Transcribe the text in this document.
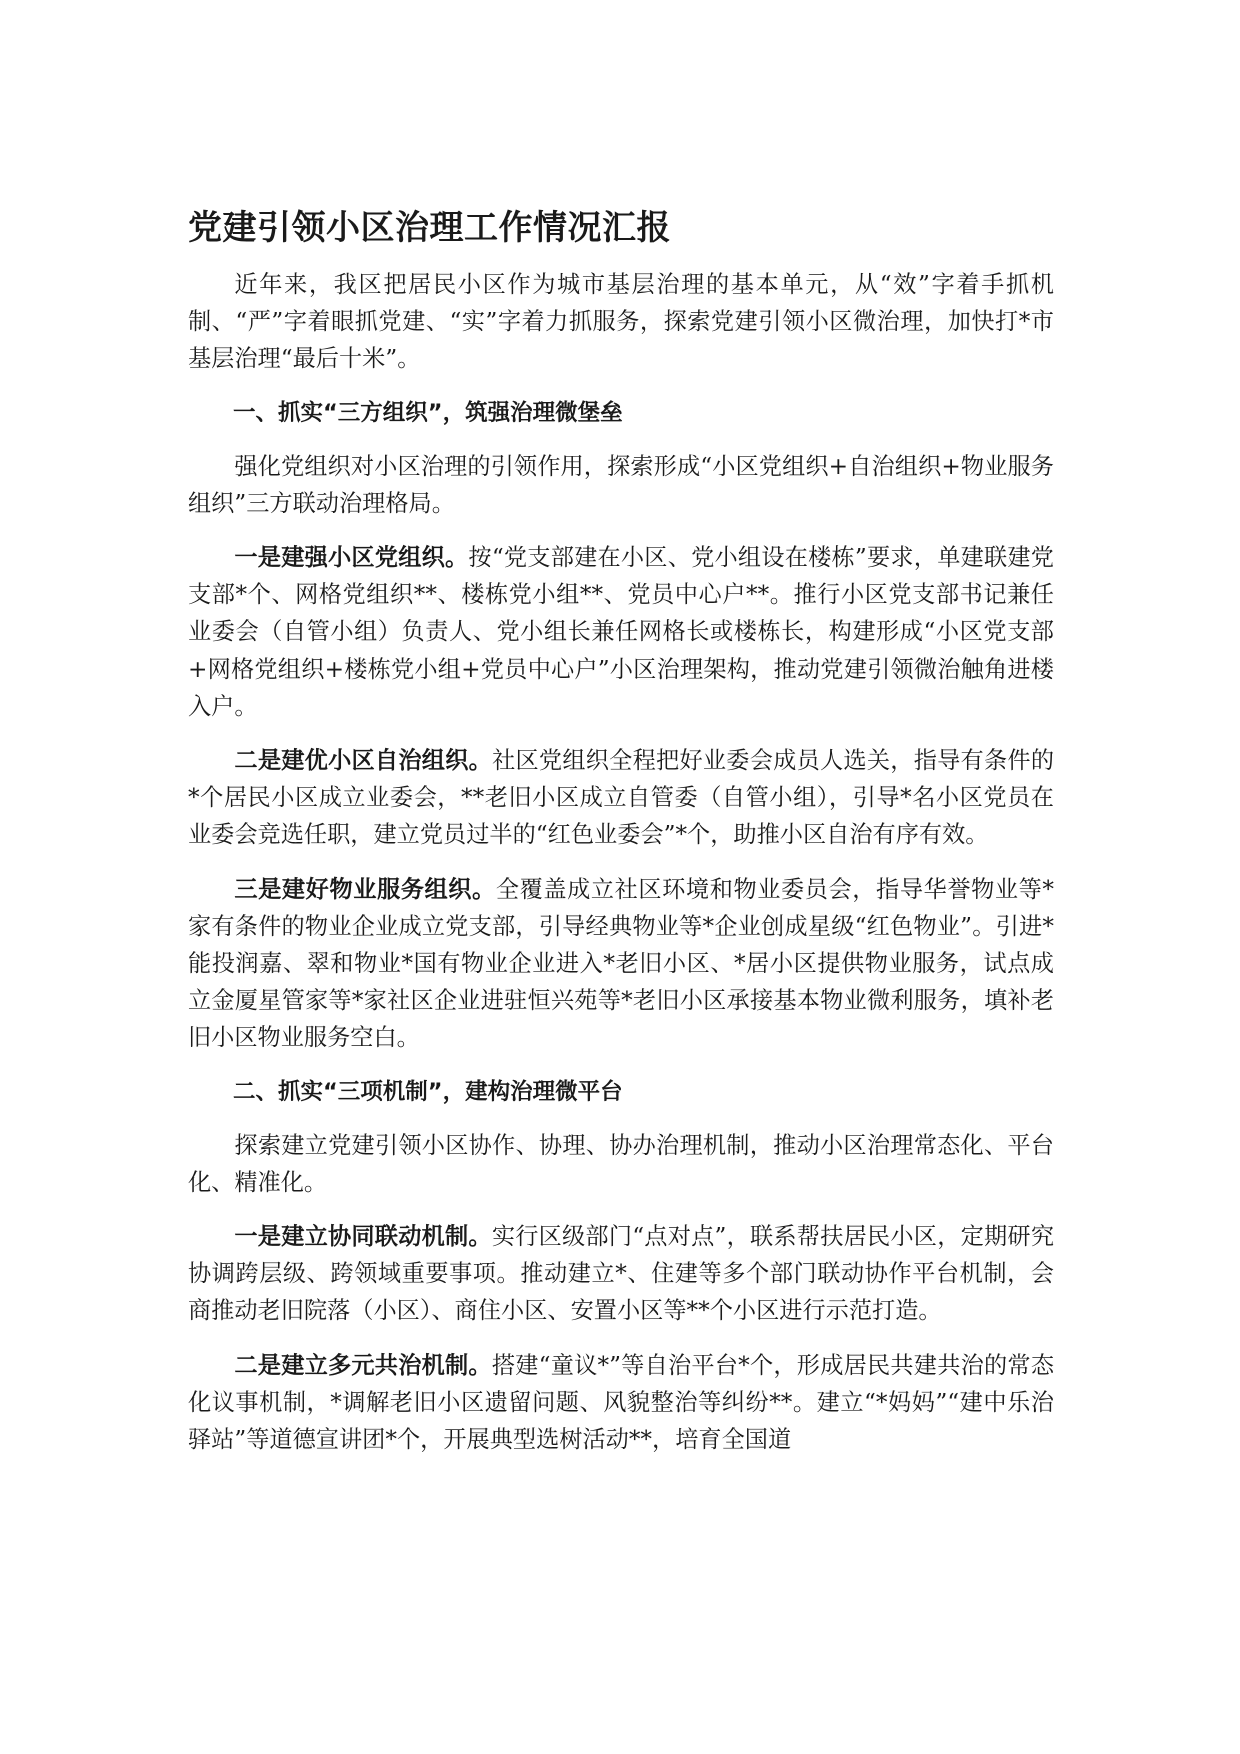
党建引领小区治理工作情况汇报

近年来，我区把居民小区作为城市基层治理的基本单元，从“效”字着手抓机制、“严”字着眼抓党建、“实”字着力抓服务，探索党建引领小区微治理，加快打*市基层治理“最后十米”。

一、抓实“三方组织”，筑强治理微堡垒

强化党组织对小区治理的引领作用，探索形成“小区党组织+自治组织+物业服务组织”三方联动治理格局。

一是建强小区党组织。按“党支部建在小区、党小组设在楼栋”要求，单建联建党支部*个、网格党组织**、楼栋党小组**、党员中心户**。推行小区党支部书记兼任业委会（自管小组）负责人、党小组长兼任网格长或楼栋长，构建形成“小区党支部+网格党组织+楼栋党小组+党员中心户”小区治理架构，推动党建引领微治触角进楼入户。

二是建优小区自治组织。社区党组织全程把好业委会成员人选关，指导有条件的*个居民小区成立业委会，**老旧小区成立自管委（自管小组），引导*名小区党员在业委会竞选任职，建立党员过半的“红色业委会”*个，助推小区自治有序有效。

三是建好物业服务组织。全覆盖成立社区环境和物业委员会，指导华誉物业等*家有条件的物业企业成立党支部，引导经典物业等*企业创成星级“红色物业”。引进*能投润嘉、翠和物业*国有物业企业进入*老旧小区、*居小区提供物业服务，试点成立金厦星管家等*家社区企业进驻恒兴苑等*老旧小区承接基本物业微利服务，填补老旧小区物业服务空白。

二、抓实“三项机制”，建构治理微平台

探索建立党建引领小区协作、协理、协办治理机制，推动小区治理常态化、平台化、精准化。

一是建立协同联动机制。实行区级部门“点对点”，联系帮扶居民小区，定期研究协调跨层级、跨领域重要事项。推动建立*、住建等多个部门联动协作平台机制，会商推动老旧院落（小区）、商住小区、安置小区等**个小区进行示范打造。

二是建立多元共治机制。搭建“童议*”等自治平台*个，形成居民共建共治的常态化议事机制，*调解老旧小区遗留问题、风貌整治等纠纷**。建立“*妈妈”“建中乐治驿站”等道德宣讲团*个，开展典型选树活动**，培育全国道
